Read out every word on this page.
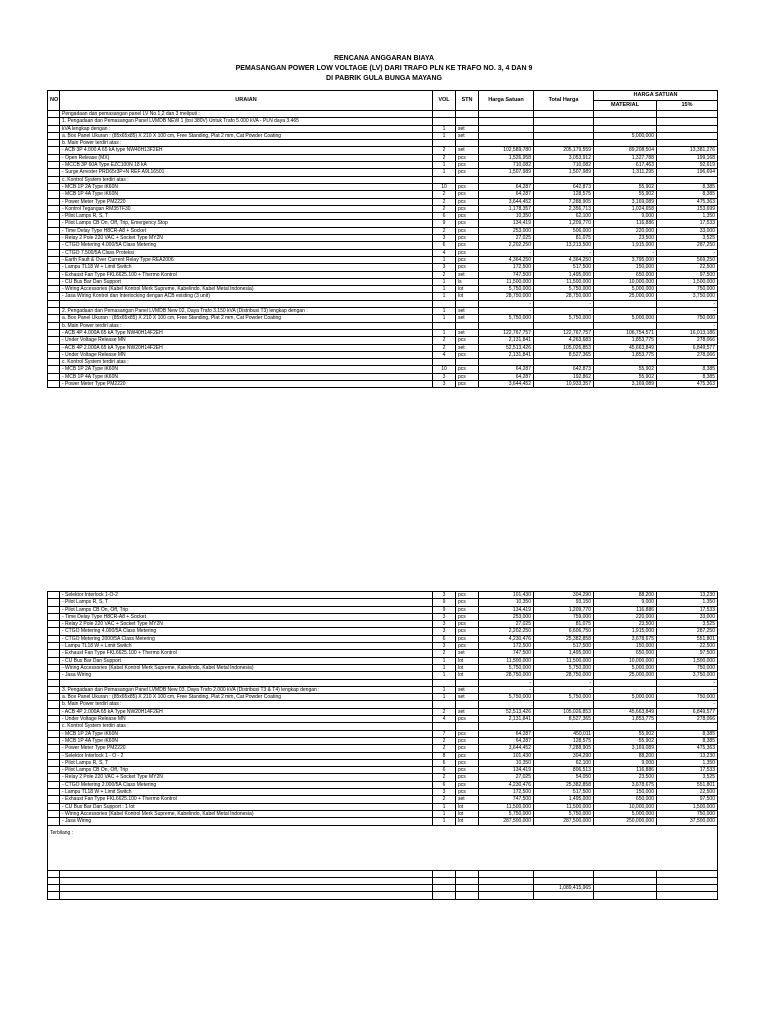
RENCANA ANGGARAN BIAYA
PEMASANGAN POWER LOW VOLTAGE (LV) DARI TRAFO PLN KE TRAFO NO. 3, 4 DAN 9
DI PABRIK GULA BUNGA MAYANG
NO	URAIAN	VOL	STN	Harga Satuan	Total Harga	HARGA SATUAN	
						MATERIAL	15%
	Pengadaan dan pemasangan panel LV No.1,2 dan 3 meliputi :						
	1. Pengadaan dan Pemasangan Panel LVMDB NEW 1 (bsi 380V) Untuk Trafo 5.000 kVA - PLN daya 3.465						
	kVA lengkap dengan :	1	set				
	a. Box Panel Ukuran : (85x65x85) X 210 X 100 cm, Free Standing, Plat 2 mm, Cat Powder Coating	1	set			5,000,000	
	b. Main Power terdiri atas :						
	- ACB 3P 4.000 A 65 kA type NW40H13F2EH	2	set	102,589,780	205,179,559	89,208,504	13,381,276
	- Open Release (MX)	2	pcs	1,526,958	3,053,912	1,327,788	199,168
	- MCCB 3P 60A Type EZC100N 18 kA	1	pcs	710,082	710,082	617,463	92,619
	- Surge Arrester PRD65r3P+N REF A9L16501	1	pcs	1,507,989	1,507,989	1,311,295	196,694
	c. Kontrol System terdiri atas :						
	- MCB 1P 2A Type iK60N	10	pcs	64,287	642,873	55,902	8,385
	- MCB 1P 4A Type iK60N	2	pcs	64,287	128,575	55,902	8,385
	- Power Meter Type PM2220	2	pcs	3,644,452	7,288,905	3,169,089	475,363
	- Kontrol Tegangan RM35TF30	2	pcs	1,178,357	2,356,713	1,024,658	153,699
	- Pilot Lamps R, S, T	6	pcs	10,350	62,100	9,000	1,350
	- Pilot Lamps CB On, Off, Trip, Emergency Stop	9	pcs	134,419	1,209,770	116,886	17,533
	- Time Delay Type H8CR-A8 + Socket	2	pcs	253,000	506,000	220,000	33,000
	- Relay 2 Pole 220 VAC + Socket Type MY2N	3	pcs	27,025	81,075	23,500	3,525
	- CTGO Metering 4.000/5A Class Metering	6	pcs	2,202,250	13,213,500	1,915,000	287,250
	- CTGO 7.500/5A Class Proteksi	4	pcs	-	-	-	-
	- Earth Fault & Over Current Relay Type REA2006	1	pcs	4,364,250	4,364,250	3,795,000	569,250
	- Lampu TL18 W + Limit Switch	3	pcs	172,500	517,500	150,000	22,500
	- Exhaust Fan Type FKL6625.100 + Thermo Kontrol	2	set	747,500	1,495,000	650,000	97,500
	- CU Bus Bar Dan Support	1	ls	11,500,000	11,500,000	10,000,000	1,500,000
	- Wiring Accessories (Kabel Kontrol Merk Supreme, Kabelindo, Kabel Metal Indonesia)	1	lot	5,750,000	5,750,000	5,000,000	750,000
	- Jasa Wiring Kontrol dan Interlocking dengan ACB existing (3 unit)	1	lot	28,750,000	28,750,000	25,000,000	3,750,000
				-	-		-
	2. Pengadaan dan Pemasangan Panel LVMDB New 02, Daya Trafo 3.150 kVA (Distribusi T3) lengkap dengan :	1	set	-	-		-
	a. Box Panel Ukuran : (85x65x85) X 210 X 100 cm, Free Standing, Plat 2 mm, Cat Powder Coating	1	set	5,750,000	5,750,000	5,000,000	750,000
	b. Main Power terdiri atas :						-
	- ACB 4P 4.000A 65 kA Type NW40H14F2EH	1	set	122,767,757	122,767,757	106,754,571	16,013,186
	- Under Voltage Release MN	2	pcs	2,131,841	4,263,683	1,853,775	278,066
	- ACB 4P 2.000A 65 kA Type NW20H14F2EH	2	set	52,513,426	105,026,853	45,663,849	6,849,577
	- Under Voltage Release MN	4	pcs	2,131,841	8,527,365	1,853,775	278,066
	c. Kontrol System terdiri atas :						
	- MCB 1P 2A Type iK60N	10	pcs	64,287	642,873	55,902	8,385
	- MCB 1P 4A Type iK60N	3	pcs	64,287	192,862	55,902	8,385
	- Power Meter Type PM2220	3	pcs	3,644,452	10,933,357	3,169,089	475,363
	- Selektor Interlock 1-O-2	3	pcs	101,430	304,290	88,200	13,230
	- Pilot Lamps R, S, T	9	pcs	10,350	93,150	9,000	1,350
	- Pilot Lamps CB On, Off, Trip	9	pcs	134,419	1,209,770	116,886	17,533
	- Time Delay Type H8CR-A8 + Socket	3	pcs	253,000	759,000	220,000	33,000
	- Relay 2 Pole 220 VAC + Socket Type MY2N	3	pcs	27,025	81,075	23,500	3,525
	- CTGO Metering 4.000/5A Class Metering	3	pcs	2,202,250	6,606,750	1,915,000	287,250
	- CTGO Metering 2000/5A Class Metering	6	pcs	4,230,476	25,382,858	3,678,675	551,801
	- Lampu TL18 W + Limit Switch	3	pcs	172,500	517,500	150,000	22,500
	- Exhaust Fan Type FKL6625.100 + Thermo Kontrol	2	set	747,500	1,495,000	650,000	97,500
	- CU Bus Bar Dan Support	1	lot	11,500,000	11,500,000	10,000,000	1,500,000
	- Wiring Accessories (Kabel Kontrol Merk Supreme, Kabelindo, Kabel Metal Indonesia)	1	lot	5,750,000	5,750,000	5,000,000	750,000
	- Jasa Wiring	1	lot	28,750,000	28,750,000	25,000,000	3,750,000
				-	-		-
	3. Pengadaan dan Pemasangan Panel LVMDB New 03, Daya Trafo 2.000 kVA (Distribusi T3 & T4) lengkap dengan :	1	set	-	-		-
	a. Box Panel Ukuran : (85x65x85) X 210 X 100 cm, Free Standing, Plat 2 mm, Cat Powder Coating	1	set	5,750,000	5,750,000	5,000,000	750,000
	b. Main Power terdiri atas :						-
	- ACB 4P 2.000A 65 kA Type NW20H14F2EH	2	set	52,513,426	105,026,853	45,663,849	6,849,577
	- Under Voltage Release MN	4	pcs	2,131,841	8,527,365	1,853,775	278,066
	c. Kontrol System terdiri atas :						
	- MCB 1P 2A Type iK60N	7	pcs	64,287	450,011	55,902	8,385
	- MCB 1P 4A Type iK60N	2	pcs	64,287	128,575	55,902	8,385
	- Power Meter Type PM2220	2	pcs	3,644,452	7,288,905	3,169,089	475,363
	- Selektor Interlock 1 - O - 2	8	pcs	101,430	304,290	88,200	13,230
	- Pilot Lamps R, S, T	6	pcs	10,350	62,100	9,000	1,350
	- Pilot Lamps CB On, Off, Trip	6	pcs	134,419	806,513	116,886	17,533
	- Relay 2 Pole 220 VAC + Socket Type MY2N	2	pcs	27,025	54,050	23,500	3,525
	- CTGO Metering 2.000/5A Class Metering	6	pcs	4,230,476	25,382,858	3,678,675	551,801
	- Lampu TL18 W + Limit Switch	3	pcs	172,500	517,500	150,000	22,500
	- Exhaust Fan Type FKL6625.100 + Thermo Kontrol	2	set	747,500	1,495,000	650,000	97,500
	- CU Bus Bar Dan Support : 1 lot	1	lot	11,500,000	11,500,000	10,000,000	1,500,000
	- Wiring Accessories (Kabel Kontrol Merk Supreme, Kabelindo, Kabel Metal Indonesia)	1	lot	5,750,000	5,750,000	5,000,000	750,000
	- Jasa Wiring	1	lot	287,500,000	287,500,000	250,000,000	37,500,000
Terbilang :							

					1,089,415,965		
